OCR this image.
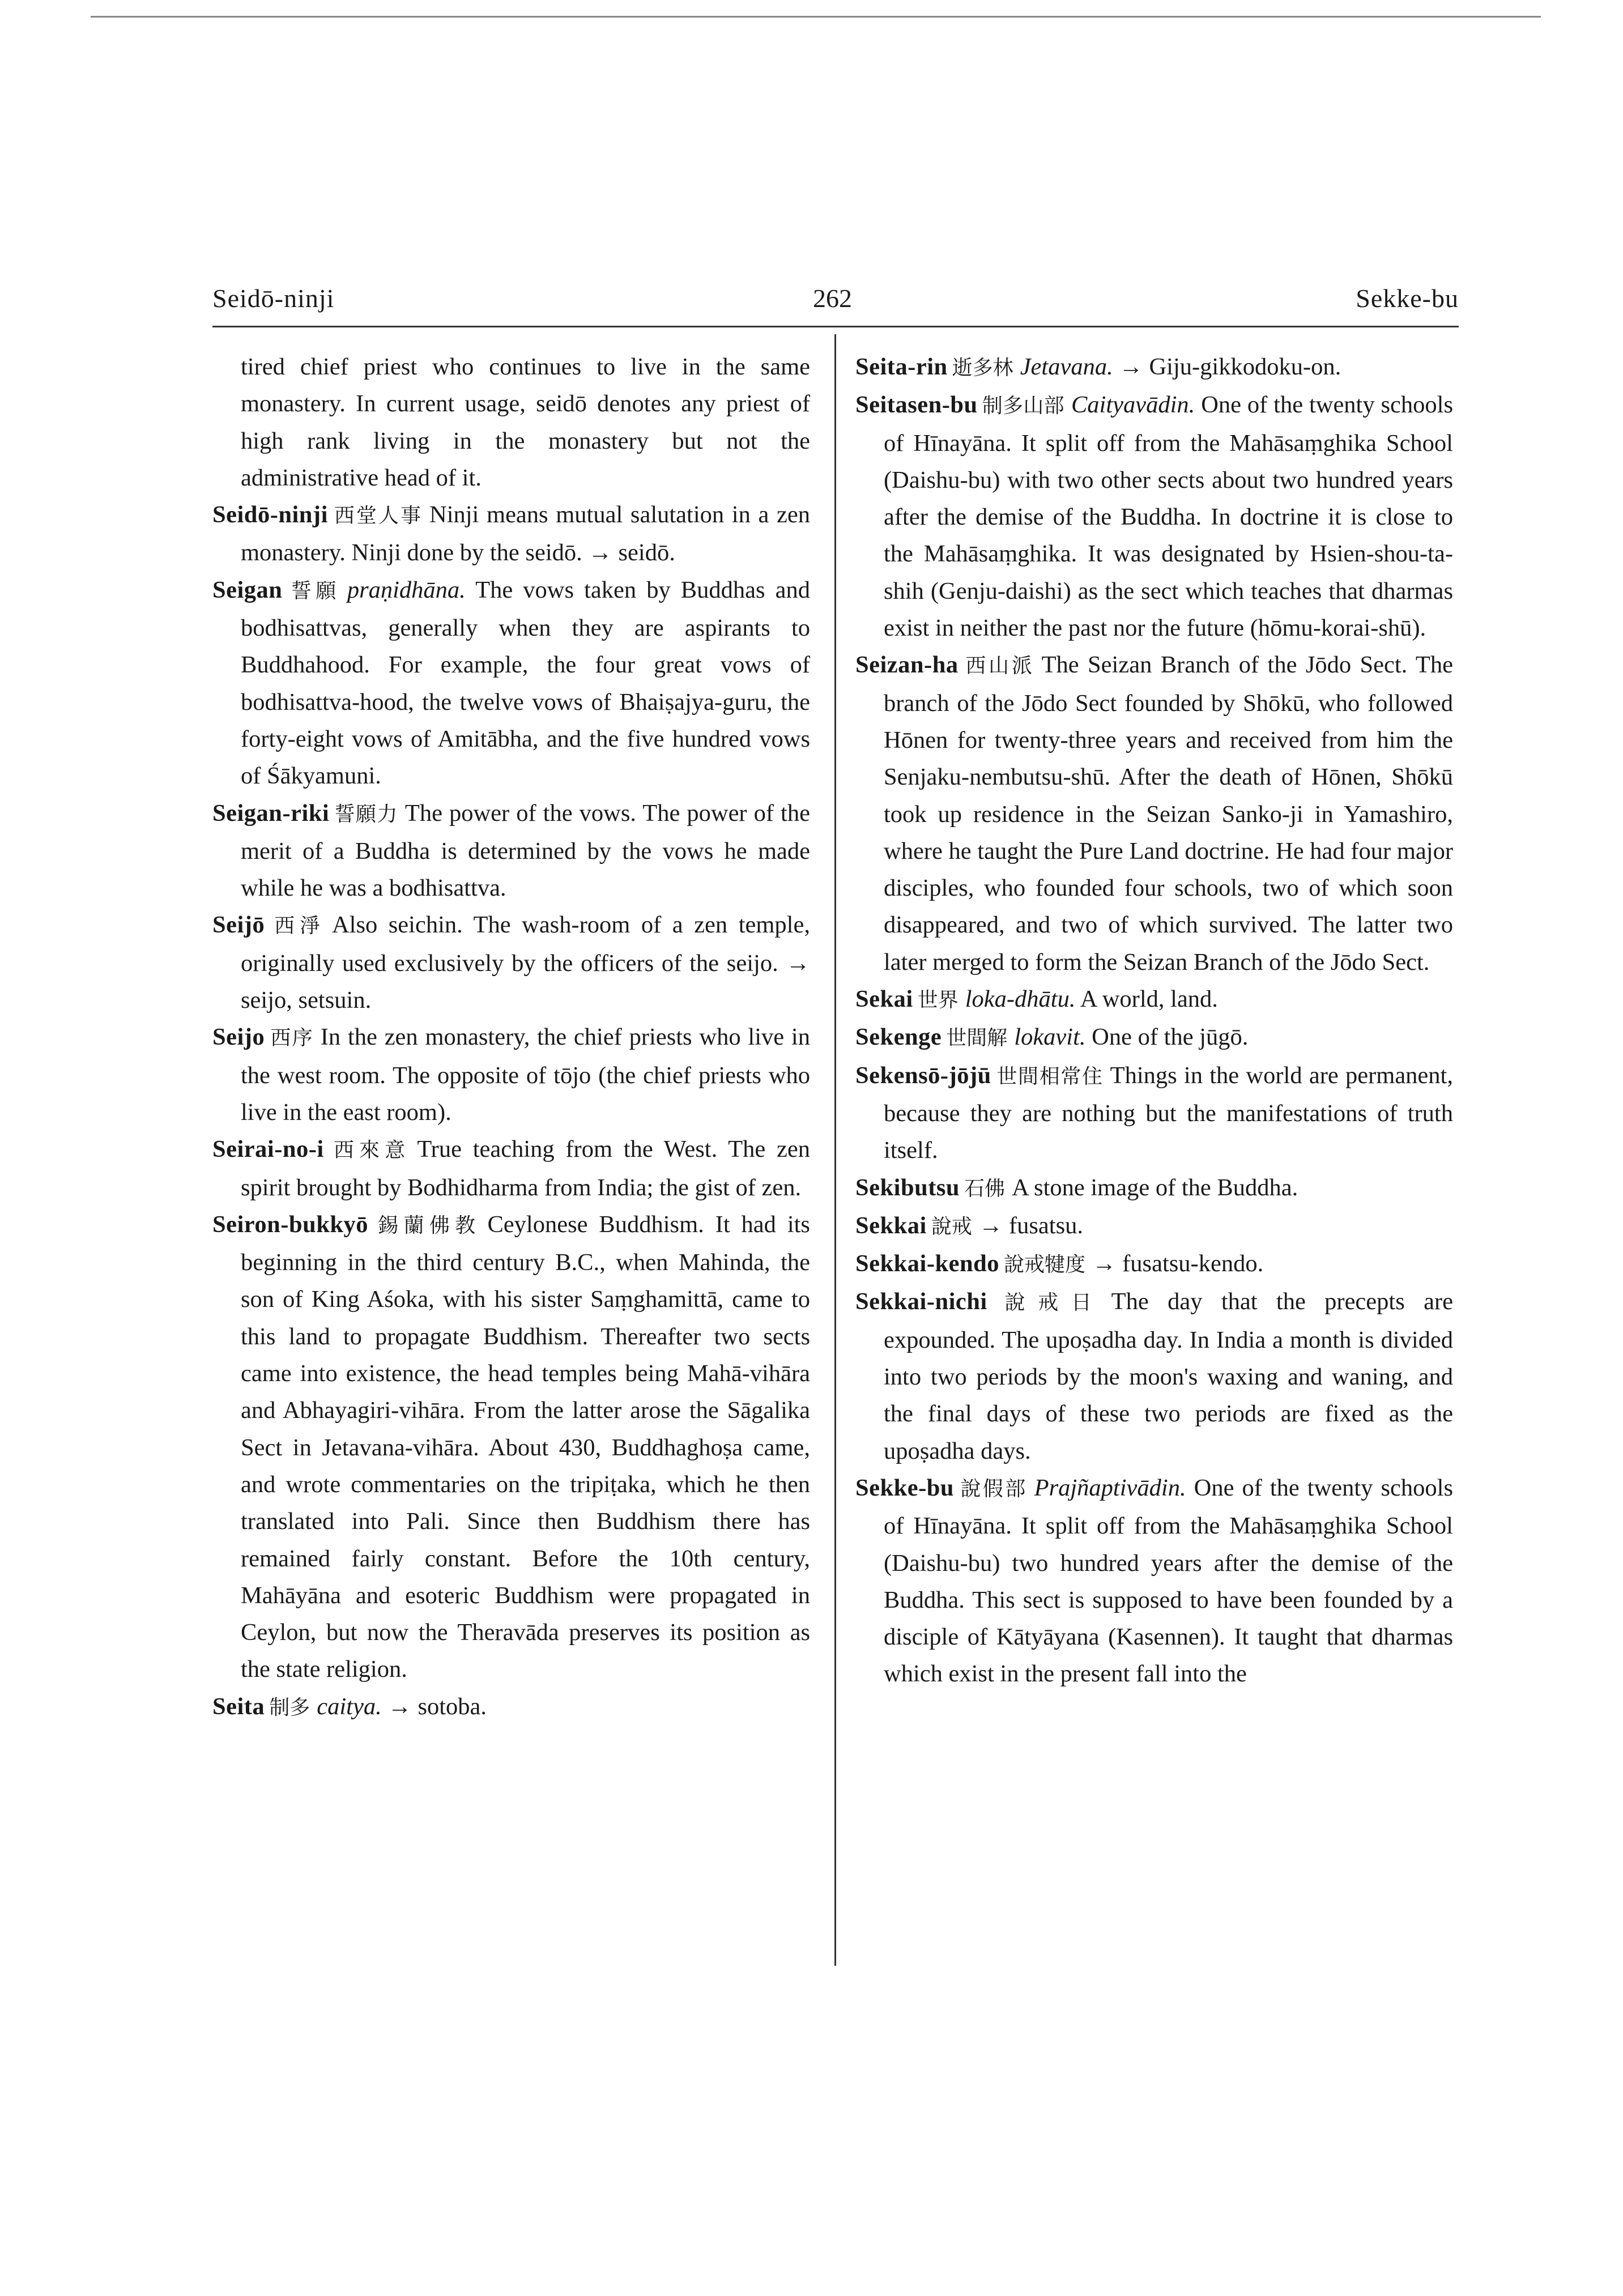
Seidō-ninji	262	Sekke-bu

tired chief priest who continues to live in the same monastery. In current usage, seidō denotes any priest of high rank living in the monastery but not the administrative head of it.

Seidō-ninji 西堂人事 Ninji means mutual salutation in a zen monastery. Ninji done by the seidō. → seidō.

Seigan 誓願 praṇidhāna. The vows taken by Buddhas and bodhisattvas, generally when they are aspirants to Buddhahood. For example, the four great vows of bodhisattva-hood, the twelve vows of Bhaiṣajya-guru, the forty-eight vows of Amitābha, and the five hundred vows of Śākyamuni.

Seigan-riki 誓願力 The power of the vows. The power of the merit of a Buddha is determined by the vows he made while he was a bodhisattva.

Seijō 西淨 Also seichin. The wash-room of a zen temple, originally used exclusively by the officers of the seijo. → seijo, setsuin.

Seijo 西序 In the zen monastery, the chief priests who live in the west room. The opposite of tōjo (the chief priests who live in the east room).

Seirai-no-i 西來意 True teaching from the West. The zen spirit brought by Bodhidharma from India; the gist of zen.

Seiron-bukkyō 錫蘭佛教 Ceylonese Buddhism. It had its beginning in the third century B.C., when Mahinda, the son of King Aśoka, with his sister Saṃghamittā, came to this land to propagate Buddhism. Thereafter two sects came into existence, the head temples being Mahā-vihāra and Abhayagiri-vihāra. From the latter arose the Sāgalika Sect in Jetavana-vihāra. About 430, Buddhaghoṣa came, and wrote commentaries on the tripiṭaka, which he then translated into Pali. Since then Buddhism there has remained fairly constant. Before the 10th century, Mahāyāna and esoteric Buddhism were propagated in Ceylon, but now the Theravāda preserves its position as the state religion.

Seita 制多 caitya. → sotoba.

Seita-rin 逝多林 Jetavana. → Giju-gikkodoku-on.

Seitasen-bu 制多山部 Caityavādin. One of the twenty schools of Hīnayāna. It split off from the Mahāsaṃghika School (Daishu-bu) with two other sects about two hundred years after the demise of the Buddha. In doctrine it is close to the Mahāsaṃghika. It was designated by Hsien-shou-ta-shih (Genju-daishi) as the sect which teaches that dharmas exist in neither the past nor the future (hōmu-korai-shū).

Seizan-ha 西山派 The Seizan Branch of the Jōdo Sect. The branch of the Jōdo Sect founded by Shōkū, who followed Hōnen for twenty-three years and received from him the Senjaku-nembutsu-shū. After the death of Hōnen, Shōkū took up residence in the Seizan Sanko-ji in Yamashiro, where he taught the Pure Land doctrine. He had four major disciples, who founded four schools, two of which soon disappeared, and two of which survived. The latter two later merged to form the Seizan Branch of the Jōdo Sect.

Sekai 世界 loka-dhātu. A world, land.

Sekenge 世間解 lokavit. One of the jūgō.

Sekensō-jōjū 世間相常住 Things in the world are permanent, because they are nothing but the manifestations of truth itself.

Sekibutsu 石佛 A stone image of the Buddha.

Sekkai 說戒 → fusatsu.

Sekkai-kendo 說戒犍度 → fusatsu-kendo.

Sekkai-nichi 說戒日 The day that the precepts are expounded. The upoṣadha day. In India a month is divided into two periods by the moon's waxing and waning, and the final days of these two periods are fixed as the upoṣadha days.

Sekke-bu 說假部 Prajñaptivādin. One of the twenty schools of Hīnayāna. It split off from the Mahāsaṃghika School (Daishu-bu) two hundred years after the demise of the Buddha. This sect is supposed to have been founded by a disciple of Kātyāyana (Kasennen). It taught that dharmas which exist in the present fall into the
